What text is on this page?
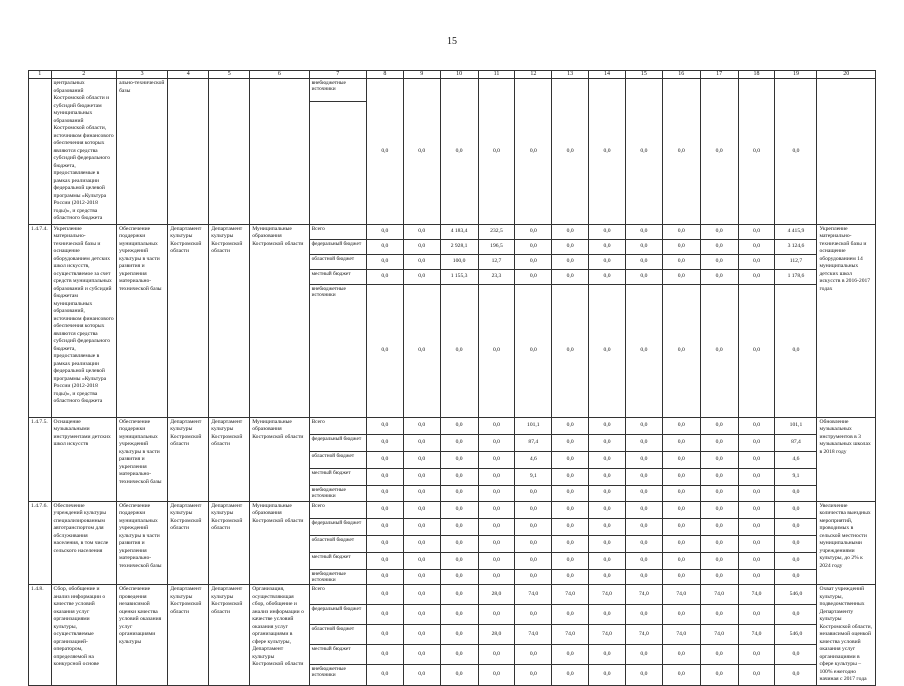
15
1	2	3	4	5	6	7	8	9	10	11	12	13	14	15	16	17	18	19	20
	центральных образований Костромской области и субсидий бюджетам муниципальных образований Костромской области, источником финансового обеспечения которых являются средства субсидий федерального бюджета, предоставляемые в рамках реализации федеральной целевой программы «Культура России (2012-2018 годы)», и средства областного бюджета	ально-технической базы				внебюджетные источники	0,0	0,0	0,0	0,0	0,0	0,0	0,0	0,0	0,0	0,0	0,0	0,0	

1.4.7.4.	Укрепление материально-технической базы и оснащение оборудованием детских школ искусств, осуществляемое за счет средств муниципальных образований и субсидий бюджетам муниципальных образований, источником финансового обеспечения которых являются средства субсидий федерального бюджета, предоставляемые в рамках реализации федеральной целевой программы «Культура России (2012-2018 годы)», и средства областного бюджета	Обеспечение поддержки муниципальных учреждений культуры в части развития и укрепления материально-технической базы	Департамент культуры Костромской области	Департамент культуры Костромской области	Муниципальные образования Костромской области	Всего	0,0	0,0	4 183,4	232,5	0,0	0,0	0,0	0,0	0,0	0,0	0,0	4 415,9	Укрепление материально-технической базы и оснащение оборудованием 14 муниципальных детских школ искусств в 2016-2017 годах
						федеральный бюджет	0,0	0,0	2 928,1	196,5	0,0	0,0	0,0	0,0	0,0	0,0	0,0	3 124,6	
						областной бюджет	0,0	0,0	100,0	12,7	0,0	0,0	0,0	0,0	0,0	0,0	0,0	112,7	
						местный бюджет	0,0	0,0	1 155,3	23,3	0,0	0,0	0,0	0,0	0,0	0,0	0,0	1 178,6	
						внебюджетные источники	0,0	0,0	0,0	0,0	0,0	0,0	0,0	0,0	0,0	0,0	0,0	0,0	
1.4.7.5.	Оснащение музыкальными инструментами детских школ искусств	Обеспечение поддержки муниципальных учреждений культуры в части развития и укрепления материально-технической базы	Департамент культуры Костромской области	Департамент культуры Костромской области	Муниципальные образования Костромской области	Всего	0,0	0,0	0,0	0,0	101,1	0,0	0,0	0,0	0,0	0,0	0,0	101,1	Обновление музыкальных инструментов в 3 музыкальных школах в 2018 году
						федеральный бюджет	0,0	0,0	0,0	0,0	87,4	0,0	0,0	0,0	0,0	0,0	0,0	87,4	
						областной бюджет	0,0	0,0	0,0	0,0	4,6	0,0	0,0	0,0	0,0	0,0	0,0	4,6	
						местный бюджет	0,0	0,0	0,0	0,0	9,1	0,0	0,0	0,0	0,0	0,0	0,0	9,1	
						внебюджетные источники	0,0	0,0	0,0	0,0	0,0	0,0	0,0	0,0	0,0	0,0	0,0	0,0	
1.4.7.6.	Обеспечение учреждений культуры специализированным автотранспортом для обслуживания населения, в том числе сельского населения	Обеспечение поддержки муниципальных учреждений культуры в части развития и укрепления материально-технической базы	Департамент культуры Костромской области	Департамент культуры Костромской области	Муниципальные образования Костромской области	Всего	0,0	0,0	0,0	0,0	0,0	0,0	0,0	0,0	0,0	0,0	0,0	0,0	Увеличение количества выездных мероприятий, проводимых в сельской местности муниципальными учреждениями культуры, до 2% к 2024 году
						федеральный бюджет	0,0	0,0	0,0	0,0	0,0	0,0	0,0	0,0	0,0	0,0	0,0	0,0	
						областной бюджет	0,0	0,0	0,0	0,0	0,0	0,0	0,0	0,0	0,0	0,0	0,0	0,0	
						местный бюджет	0,0	0,0	0,0	0,0	0,0	0,0	0,0	0,0	0,0	0,0	0,0	0,0	
						внебюджетные источники	0,0	0,0	0,0	0,0	0,0	0,0	0,0	0,0	0,0	0,0	0,0	0,0	
1.4.8.	Сбор, обобщение и анализ информации о качестве условий оказания услуг организациями культуры, осуществляемые организацией-оператором, определяемой на конкурсной основе	Обеспечение проведения независимой оценки качества условий оказания услуг организациями культуры	Департамент культуры Костромской области	Департамент культуры Костромской области	Организация, осуществляющая сбор, обобщение и анализ информации о качестве условий оказания услуг организациями в сфере культуры, Департамент культуры Костромской области	Всего	0,0	0,0	0,0	28,0	74,0	74,0	74,0	74,0	74,0	74,0	74,0	546,0	Охват учреждений культуры, подведомственных Департаменту культуры Костромской области, независимой оценкой качества условий оказания услуг организациями в сфере культуры – 100% ежегодно начиная с 2017 года
						федеральный бюджет	0,0	0,0	0,0	0,0	0,0	0,0	0,0	0,0	0,0	0,0	0,0	0,0	
						областной бюджет	0,0	0,0	0,0	28,0	74,0	74,0	74,0	74,0	74,0	74,0	74,0	546,0	
						местный бюджет	0,0	0,0	0,0	0,0	0,0	0,0	0,0	0,0	0,0	0,0	0,0	0,0	
						внебюджетные источники	0,0	0,0	0,0	0,0	0,0	0,0	0,0	0,0	0,0	0,0	0,0	0,0	
